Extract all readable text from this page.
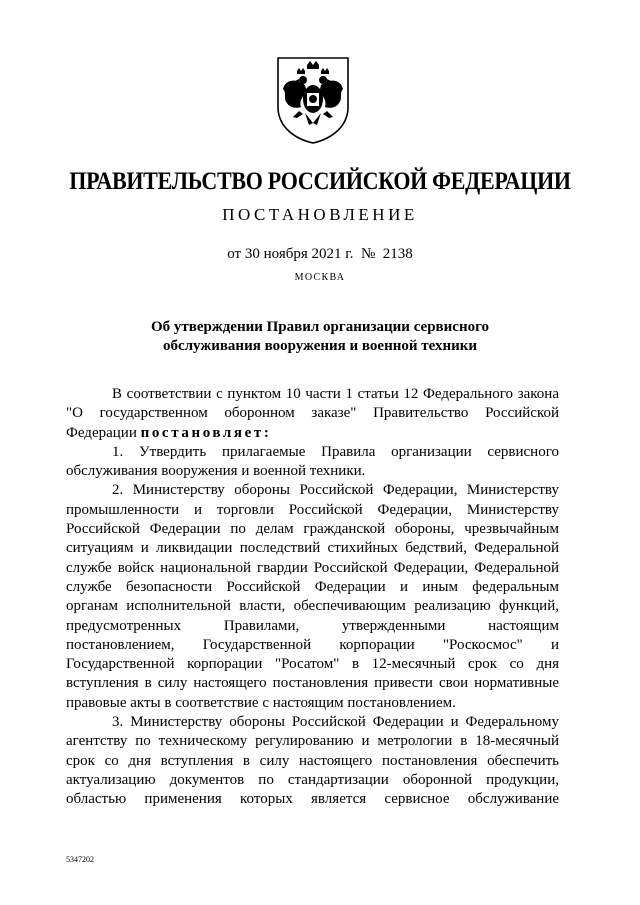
ПРАВИТЕЛЬСТВО РОССИЙСКОЙ ФЕДЕРАЦИИ
ПОСТАНОВЛЕНИЕ
от 30 ноября 2021 г.  №  2138
МОСКВА
Об утверждении Правил организации сервисного
обслуживания вооружения и военной техники

В соответствии с пунктом 10 части 1 статьи 12 Федерального закона

"О государственном оборонном заказе" Правительство Российской

Федерации постановляет:

1. Утвердить прилагаемые Правила организации сервисного

обслуживания вооружения и военной техники.

2. Министерству обороны Российской Федерации, Министерству

промышленности и торговли Российской Федерации, Министерству

Российской Федерации по делам гражданской обороны, чрезвычайным

ситуациям и ликвидации последствий стихийных бедствий, Федеральной

службе войск национальной гвардии Российской Федерации, Федеральной

службе безопасности Российской Федерации и иным федеральным

органам исполнительной власти, обеспечивающим реализацию функций,

предусмотренных Правилами, утвержденными настоящим

постановлением, Государственной корпорации "Роскосмос" и

Государственной корпорации "Росатом" в 12-месячный срок со дня

вступления в силу настоящего постановления привести свои нормативные

правовые акты в соответствие с настоящим постановлением.

3. Министерству обороны Российской Федерации и Федеральному

агентству по техническому регулированию и метрологии в 18-месячный

срок со дня вступления в силу настоящего постановления обеспечить

актуализацию документов по стандартизации оборонной продукции,

областью применения которых является сервисное обслуживание

5347202
